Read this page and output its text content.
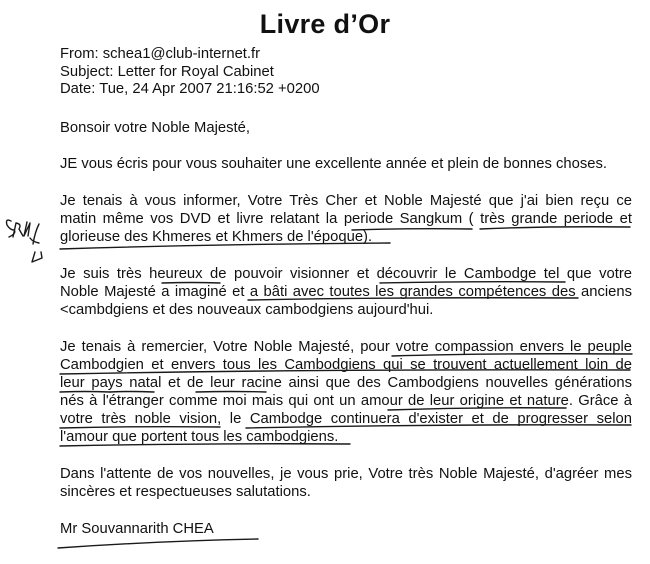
Livre d’Or

From: schea1@club-internet.fr

Subject: Letter for Royal Cabinet

Date: Tue, 24 Apr 2007 21:16:52 +0200

Bonsoir votre Noble Majesté,

JE vous écris pour vous souhaiter une excellente année et plein de bonnes choses.

Je tenais à vous informer, Votre Très Cher et Noble Majesté que j'ai bien reçu ce

matin même vos DVD et livre relatant la periode Sangkum ( très grande periode et

glorieuse des Khmeres et Khmers de l'époque).

Je suis très heureux de pouvoir visionner et découvrir le Cambodge tel que votre

Noble Majesté a imaginé et a bâti avec toutes les grandes compétences des anciens

<cambdgiens et des nouveaux cambodgiens aujourd'hui.

Je tenais à remercier, Votre Noble Majesté, pour votre compassion envers le peuple

Cambodgien et envers tous les Cambodgiens qui se trouvent actuellement loin de

leur pays natal et de leur racine ainsi que des Cambodgiens nouvelles générations

nés à l'étranger comme moi mais qui ont un amour de leur origine et nature. Grâce à

votre très noble vision, le Cambodge continuera d'exister et de progresser selon

l'amour que portent tous les cambodgiens.

Dans l'attente de vos nouvelles, je vous prie, Votre très Noble Majesté, d'agréer mes

sincères et respectueuses salutations.

Mr Souvannarith CHEA

SRN
